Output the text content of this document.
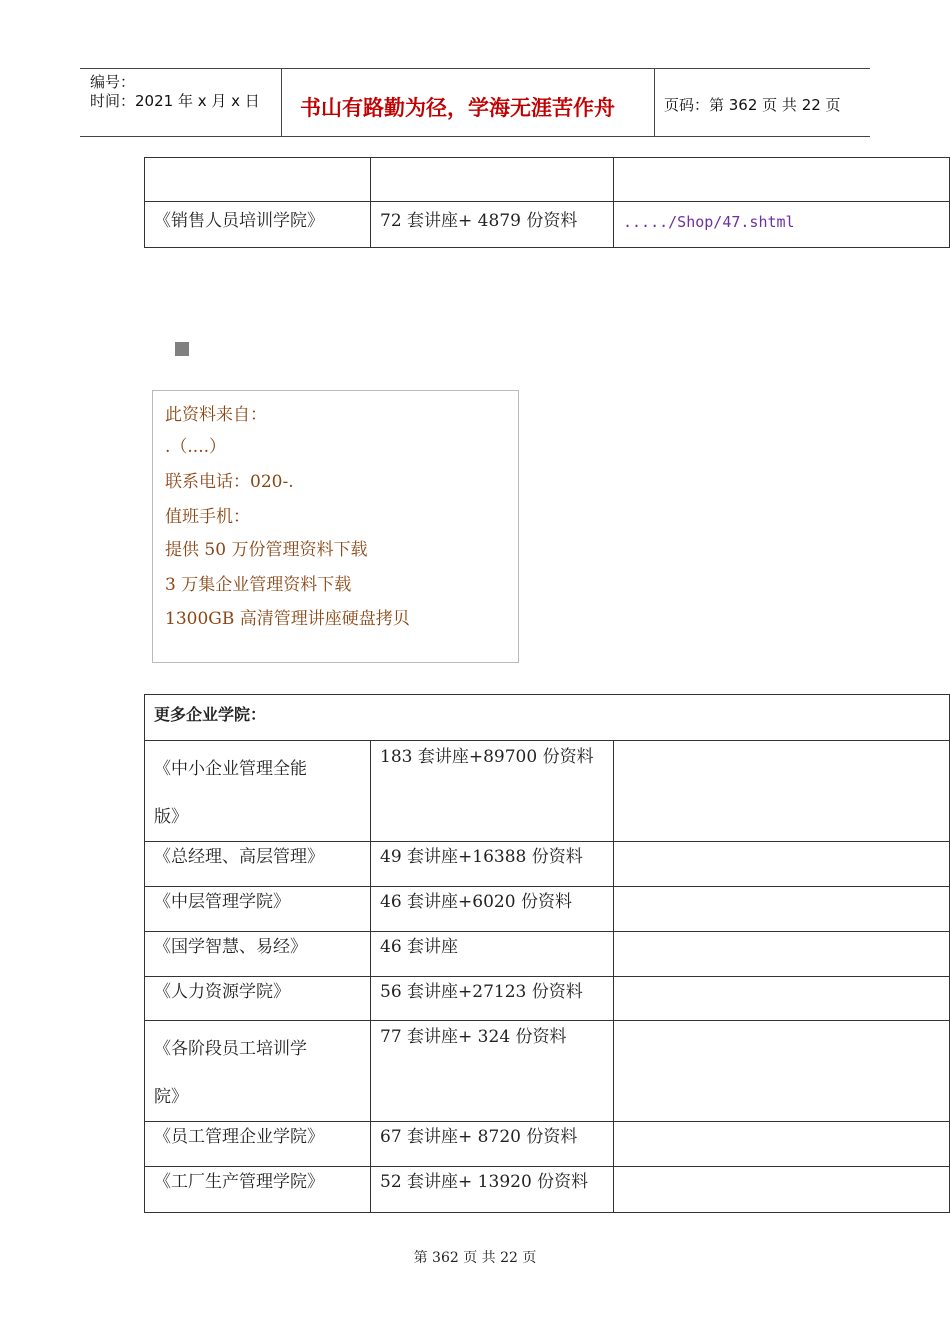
编号：
时间：2021 年 x 月 x 日 书山有路勤为径，学海无涯苦作舟	页码：第 362 页 共 22 页

《销售人员培训学院》	72 套讲座+ 4879 份资料	...../Shop/47.shtml
此资料来自：
.（....）
联系电话：020-.
值班手机：
提供 50 万份管理资料下载
3 万集企业管理资料下载
1300GB 高清管理讲座硬盘拷贝
更多企业学院：		
《中小企业管理全能
版》	183 套讲座+89700 份资料	
《总经理、高层管理》	49 套讲座+16388 份资料	
《中层管理学院》	46 套讲座+6020 份资料	
《国学智慧、易经》	46 套讲座	
《人力资源学院》	56 套讲座+27123 份资料	
《各阶段员工培训学
院》	77 套讲座+ 324 份资料	
《员工管理企业学院》	67 套讲座+ 8720 份资料	
《工厂生产管理学院》	52 套讲座+ 13920 份资料	
第 362 页 共 22 页
